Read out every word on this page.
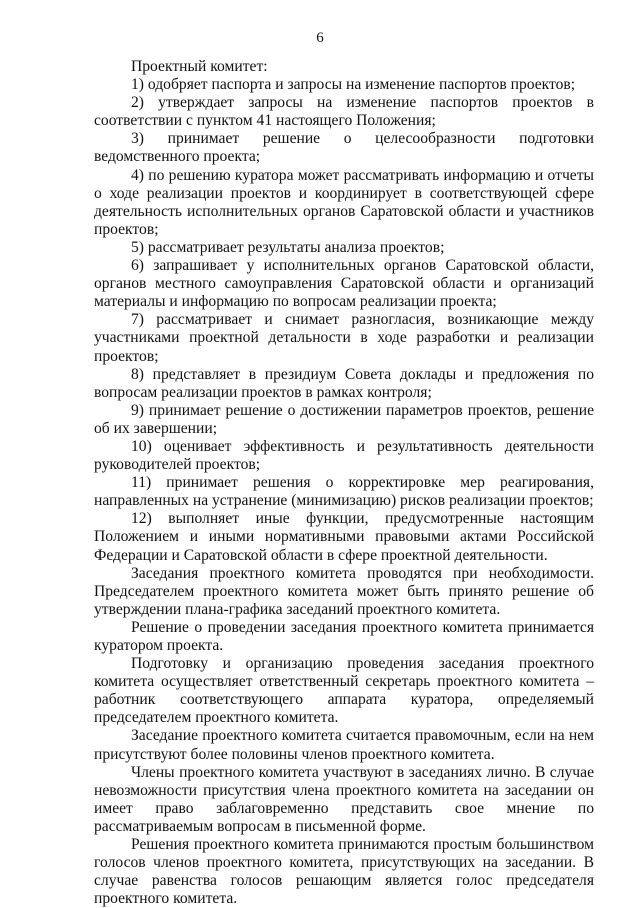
6

Проектный комитет:

1) одобряет паспорта и запросы на изменение паспортов проектов;

2) утверждает запросы на изменение паспортов проектов в соответствии с пунктом 41 настоящего Положения;

3) принимает решение о целесообразности подготовки ведомственного проекта;

4) по решению куратора может рассматривать информацию и отчеты о ходе реализации проектов и координирует в соответствующей сфере деятельность исполнительных органов Саратовской области и участников проектов;

5) рассматривает результаты анализа проектов;

6) запрашивает у исполнительных органов Саратовской области, органов местного самоуправления Саратовской области и организаций материалы и информацию по вопросам реализации проекта;

7) рассматривает и снимает разногласия, возникающие между участниками проектной детальности в ходе разработки и реализации проектов;

8) представляет в президиум Совета доклады и предложения по вопросам реализации проектов в рамках контроля;

9) принимает решение о достижении параметров проектов, решение об их завершении;

10) оценивает эффективность и результативность деятельности руководителей проектов;

11) принимает решения о корректировке мер реагирования, направленных на устранение (минимизацию) рисков реализации проектов;

12) выполняет иные функции, предусмотренные настоящим Положением и иными нормативными правовыми актами Российской Федерации и Саратовской области в сфере проектной деятельности.

Заседания проектного комитета проводятся при необходимости. Председателем проектного комитета может быть принято решение об утверждении плана-графика заседаний проектного комитета.

Решение о проведении заседания проектного комитета принимается куратором проекта.

Подготовку и организацию проведения заседания проектного комитета осуществляет ответственный секретарь проектного комитета – работник соответствующего аппарата куратора, определяемый председателем проектного комитета.

Заседание проектного комитета считается правомочным, если на нем присутствуют более половины членов проектного комитета.

Члены проектного комитета участвуют в заседаниях лично. В случае невозможности присутствия члена проектного комитета на заседании он имеет право заблаговременно представить свое мнение по рассматриваемым вопросам в письменной форме.

Решения проектного комитета принимаются простым большинством голосов членов проектного комитета, присутствующих на заседании. В случае равенства голосов решающим является голос председателя проектного комитета.
